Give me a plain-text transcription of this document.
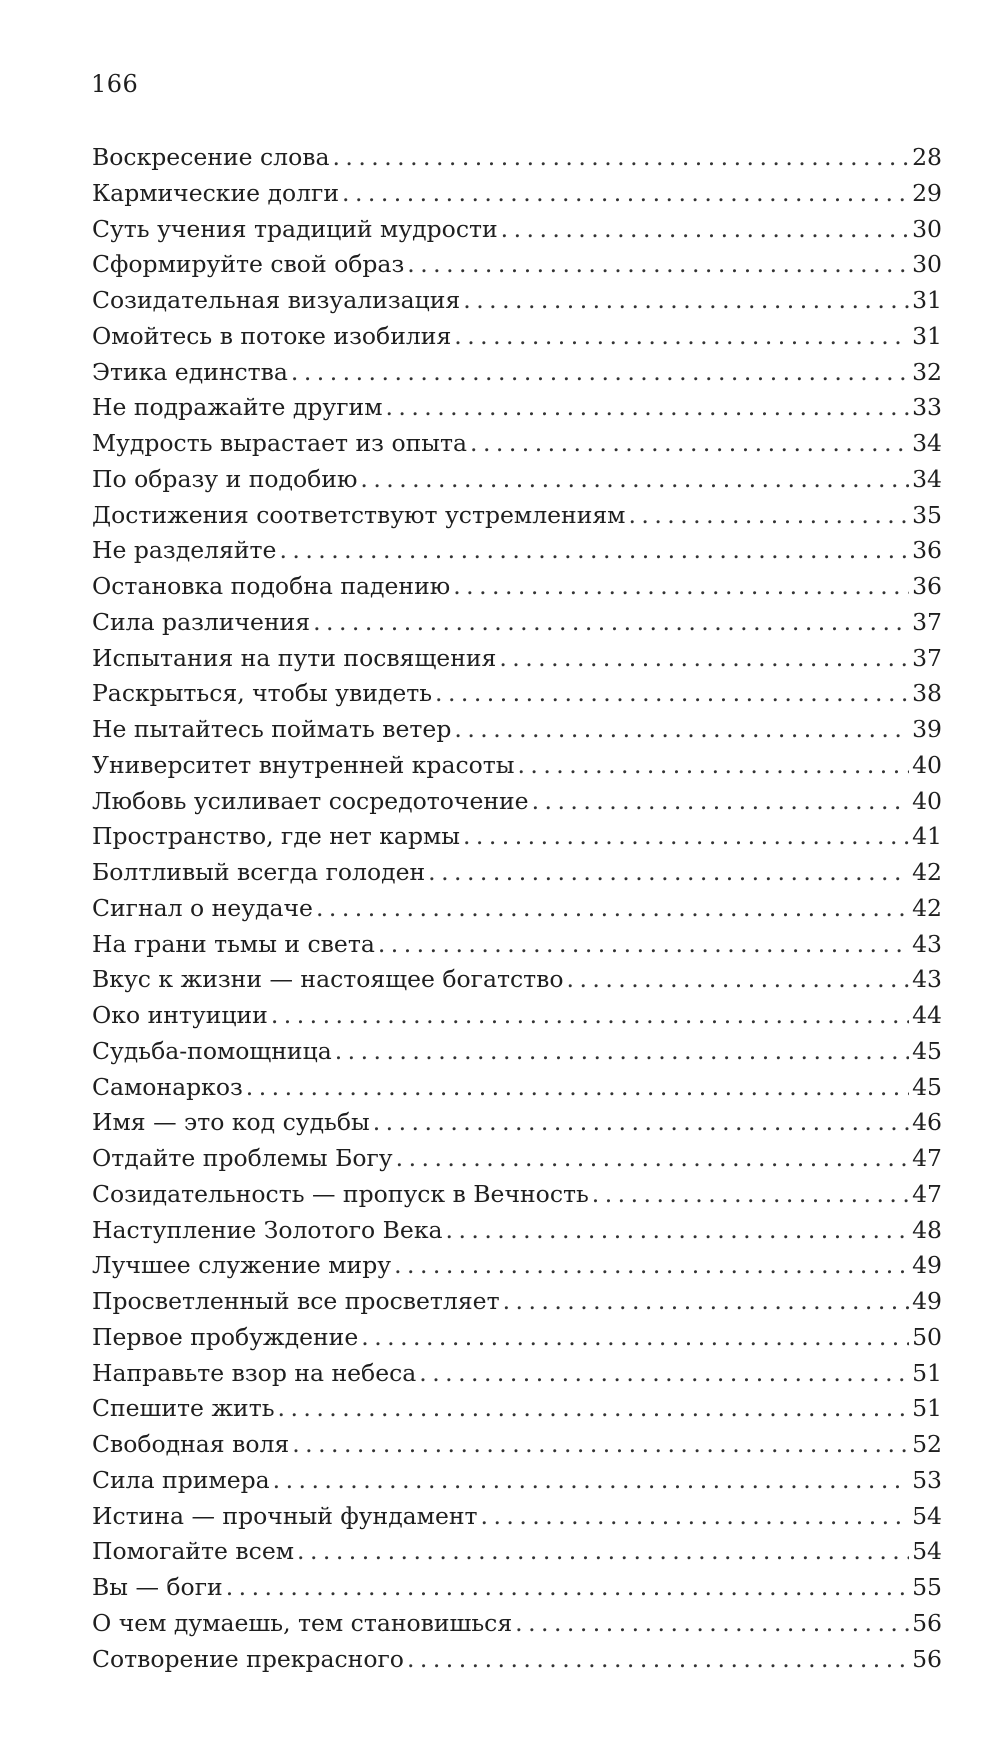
166
Воскресение слова . . .	28
Кармические долги . . .	29
Суть учения традиций мудрости . . .	30
Сформируйте свой образ . . .	30
Созидательная визуализация . . .	31
Омойтесь в потоке изобилия . . .	31
Этика единства . . .	32
Не подражайте другим . . .	33
Мудрость вырастает из опыта . . .	34
По образу и подобию . . .	34
Достижения соответствуют устремлениям . . .	35
Не разделяйте . . .	36
Остановка подобна падению . . .	36
Сила различения . . .	37
Испытания на пути посвящения . . .	37
Раскрыться, чтобы увидеть . . .	38
Не пытайтесь поймать ветер . . .	39
Университет внутренней красоты . . .	40
Любовь усиливает сосредоточение . . .	40
Пространство, где нет кармы . . .	41
Болтливый всегда голоден . . .	42
Сигнал о неудаче . . .	42
На грани тьмы и света . . .	43
Вкус к жизни — настоящее богатство . . .	43
Око интуиции . . .	44
Судьба-помощница . . .	45
Самонаркоз . . .	45
Имя — это код судьбы . . .	46
Отдайте проблемы Богу . . .	47
Созидательность — пропуск в Вечность . . .	47
Наступление Золотого Века . . .	48
Лучшее служение миру . . .	49
Просветленный все просветляет . . .	49
Первое пробуждение . . .	50
Направьте взор на небеса . . .	51
Спешите жить . . .	51
Свободная воля . . .	52
Сила примера . . .	53
Истина — прочный фундамент . . .	54
Помогайте всем . . .	54
Вы — боги . . .	55
О чем думаешь, тем становишься . . .	56
Сотворение прекрасного . . .	56
